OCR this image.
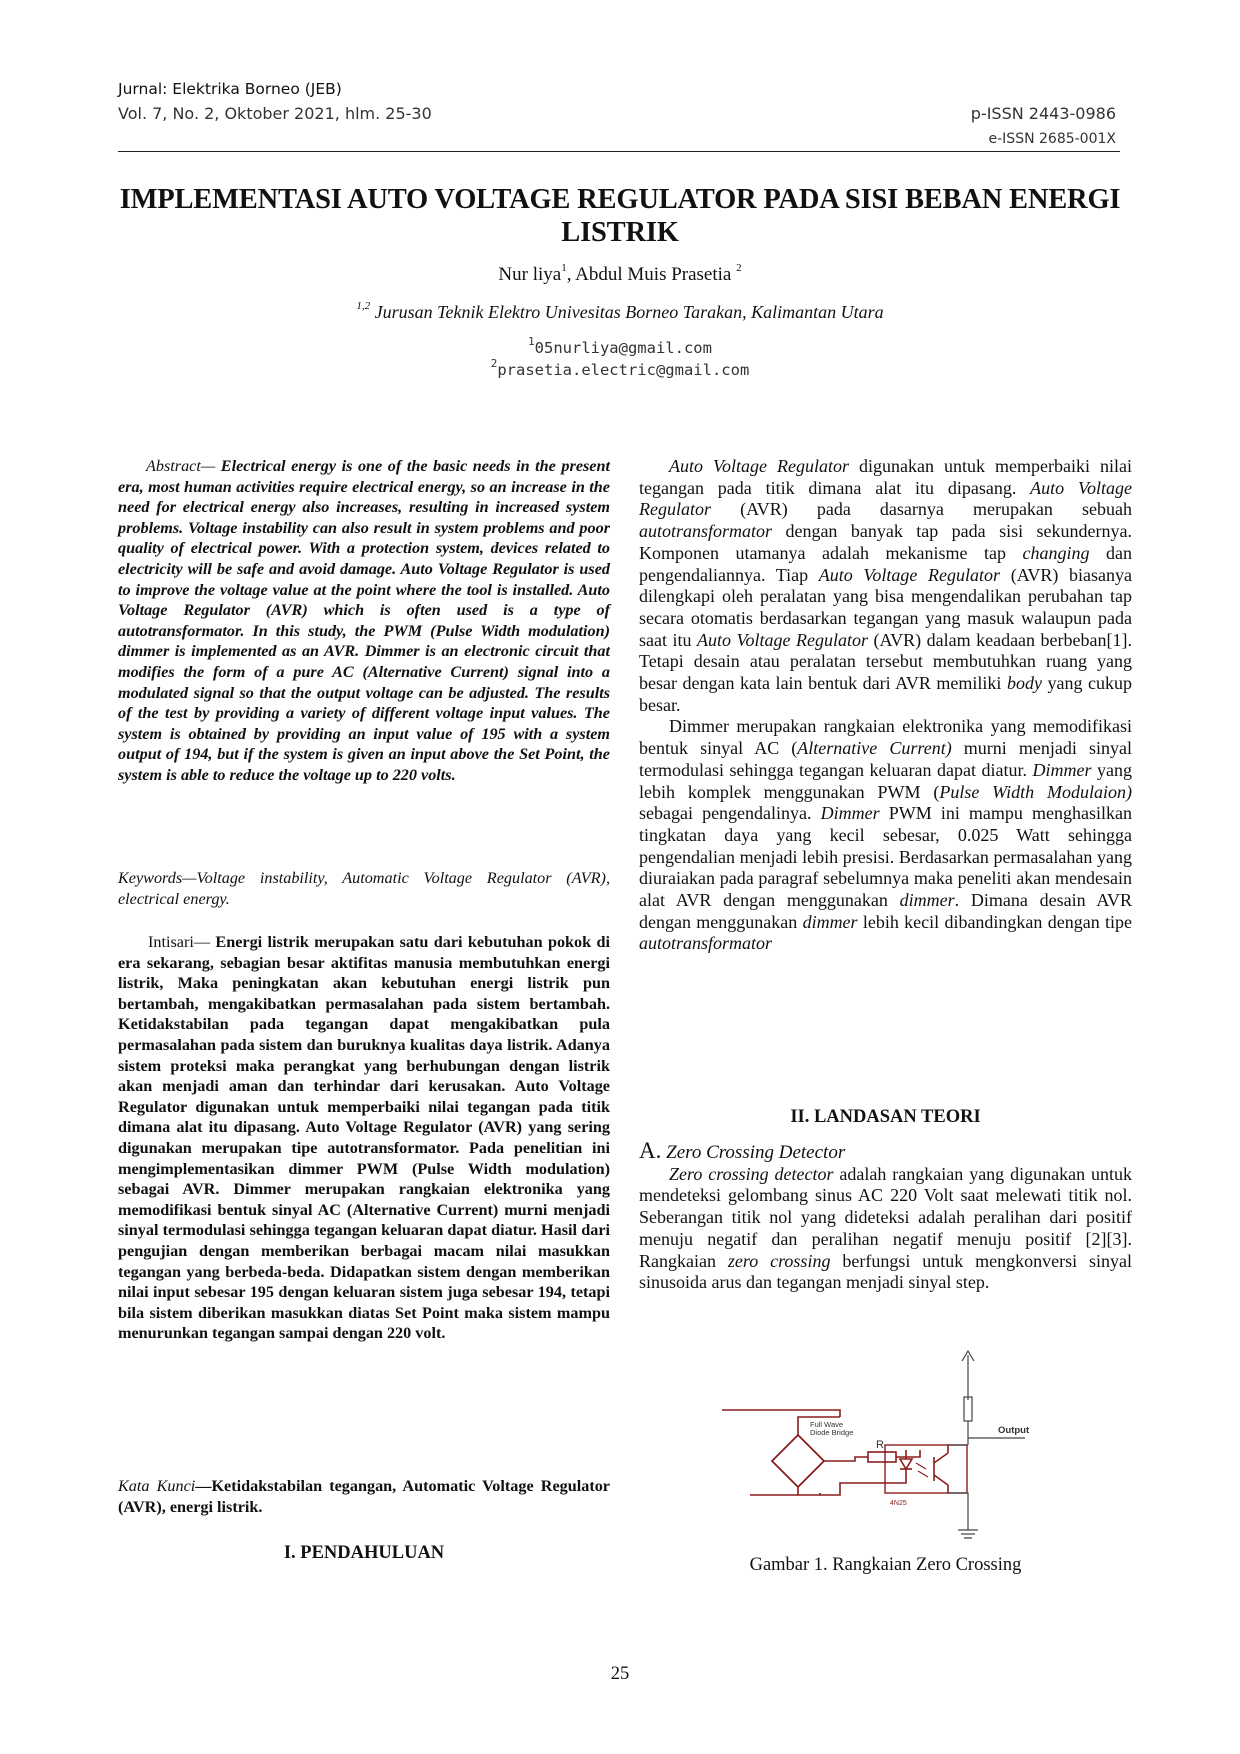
Jurnal: Elektrika Borneo (JEB)
Vol. 7, No. 2, Oktober 2021, hlm. 25-30	p-ISSN 2443-0986
e-ISSN 2685-001X
IMPLEMENTASI AUTO VOLTAGE REGULATOR PADA SISI BEBAN ENERGI LISTRIK
Nur liya$^1$, Abdul Muis Prasetia $^2$
$^{1,2}$ Jurusan Teknik Elektro Univesitas Borneo Tarakan, Kalimantan Utara
$^1$05nurliya@gmail.com
$^2$prasetia.electric@gmail.com

Abstract— Electrical energy is one of the basic needs in the present era, most human activities require electrical energy, so an increase in the need for electrical energy also increases, resulting in increased system problems. Voltage instability can also result in system problems and poor quality of electrical power. With a protection system, devices related to electricity will be safe and avoid damage. Auto Voltage Regulator is used to improve the voltage value at the point where the tool is installed. Auto Voltage Regulator (AVR) which is often used is a type of autotransformator. In this study, the PWM (Pulse Width modulation) dimmer is implemented as an AVR. Dimmer is an electronic circuit that modifies the form of a pure AC (Alternative Current) signal into a modulated signal so that the output voltage can be adjusted. The results of the test by providing a variety of different voltage input values. The system is obtained by providing an input value of 195 with a system output of 194, but if the system is given an input above the Set Point, the system is able to reduce the voltage up to 220 volts.

Keywords—Voltage instability, Automatic Voltage Regulator (AVR), electrical energy.

Intisari— Energi listrik merupakan satu dari kebutuhan pokok di era sekarang, sebagian besar aktifitas manusia membutuhkan energi listrik, Maka peningkatan akan kebutuhan energi listrik pun bertambah, mengakibatkan permasalahan pada sistem bertambah. Ketidakstabilan pada tegangan dapat mengakibatkan pula permasalahan pada sistem dan buruknya kualitas daya listrik. Adanya sistem proteksi maka perangkat yang berhubungan dengan listrik akan menjadi aman dan terhindar dari kerusakan. Auto Voltage Regulator digunakan untuk memperbaiki nilai tegangan pada titik dimana alat itu dipasang. Auto Voltage Regulator (AVR) yang sering digunakan merupakan tipe autotransformator. Pada penelitian ini mengimplementasikan dimmer PWM (Pulse Width modulation) sebagai AVR. Dimmer merupakan rangkaian elektronika yang memodifikasi bentuk sinyal AC (Alternative Current) murni menjadi sinyal termodulasi sehingga tegangan keluaran dapat diatur. Hasil dari pengujian dengan memberikan berbagai macam nilai masukkan tegangan yang berbeda-beda. Didapatkan sistem dengan memberikan nilai input sebesar 195 dengan keluaran sistem juga sebesar 194, tetapi bila sistem diberikan masukkan diatas Set Point maka sistem mampu menurunkan tegangan sampai dengan 220 volt.

Kata Kunci—Ketidakstabilan tegangan, Automatic Voltage Regulator (AVR), energi listrik.
I. PENDAHULUAN

Auto Voltage Regulator digunakan untuk memperbaiki nilai tegangan pada titik dimana alat itu dipasang. Auto Voltage Regulator (AVR) pada dasarnya merupakan sebuah autotransformator dengan banyak tap pada sisi sekundernya. Komponen utamanya adalah mekanisme tap changing dan pengendaliannya. Tiap Auto Voltage Regulator (AVR) biasanya dilengkapi oleh peralatan yang bisa mengendalikan perubahan tap secara otomatis berdasarkan tegangan yang masuk walaupun pada saat itu Auto Voltage Regulator (AVR) dalam keadaan berbeban[1]. Tetapi desain atau peralatan tersebut membutuhkan ruang yang besar dengan kata lain bentuk dari AVR memiliki body yang cukup besar.

Dimmer merupakan rangkaian elektronika yang memodifikasi bentuk sinyal AC (Alternative Current) murni menjadi sinyal termodulasi sehingga tegangan keluaran dapat diatur. Dimmer yang lebih komplek menggunakan PWM (Pulse Width Modulaion) sebagai pengendalinya. Dimmer PWM ini mampu menghasilkan tingkatan daya yang kecil sebesar, 0.025 Watt sehingga pengendalian menjadi lebih presisi. Berdasarkan permasalahan yang diuraiakan pada paragraf sebelumnya maka peneliti akan mendesain alat AVR dengan menggunakan dimmer. Dimana desain AVR dengan menggunakan dimmer lebih kecil dibandingkan dengan tipe autotransformator

II. LANDASAN TEORI
A. Zero Crossing Detector

Zero crossing detector adalah rangkaian yang digunakan untuk mendeteksi gelombang sinus AC 220 Volt saat melewati titik nol. Seberangan titik nol yang dideteksi adalah peralihan dari positif menuju negatif dan peralihan negatif menuju positif [2][3]. Rangkaian zero crossing berfungsi untuk mengkonversi sinyal sinusoida arus dan tegangan menjadi sinyal step.

Full Wave
Diode Bridge
R
Output
4N25
Gambar 1. Rangkaian Zero Crossing
25
